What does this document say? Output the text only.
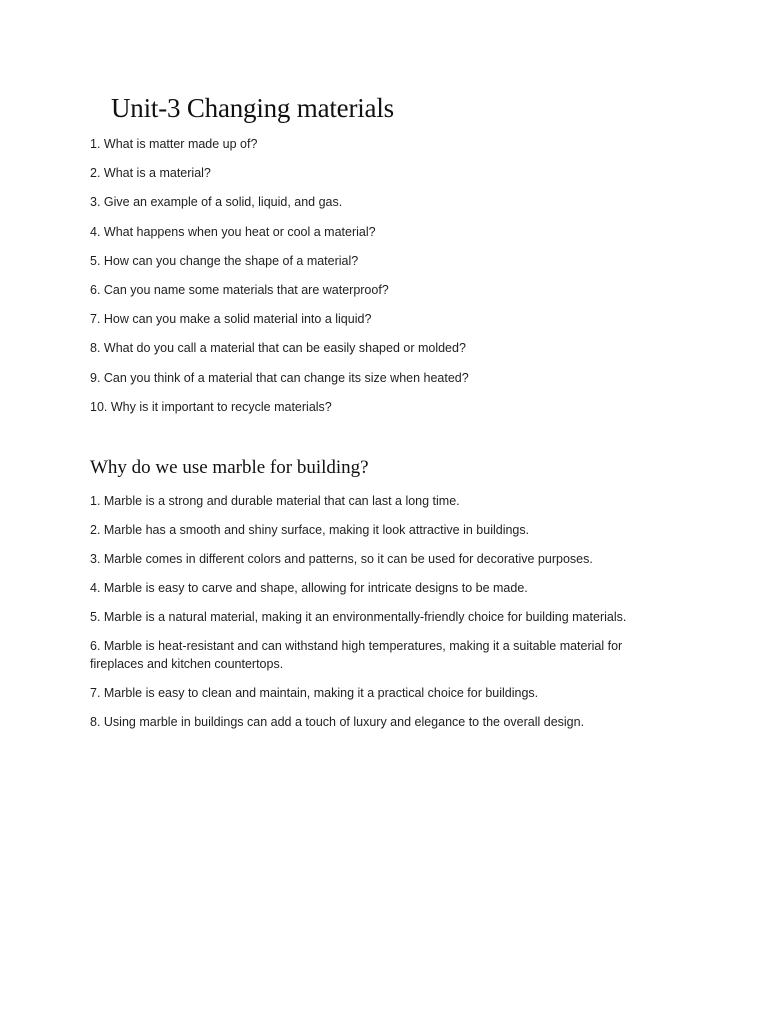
Unit-3 Changing materials
1. What is matter made up of?
2. What is a material?
3. Give an example of a solid, liquid, and gas.
4. What happens when you heat or cool a material?
5. How can you change the shape of a material?
6. Can you name some materials that are waterproof?
7. How can you make a solid material into a liquid?
8. What do you call a material that can be easily shaped or molded?
9. Can you think of a material that can change its size when heated?
10. Why is it important to recycle materials?
Why do we use marble for building?
1. Marble is a strong and durable material that can last a long time.
2. Marble has a smooth and shiny surface, making it look attractive in buildings.
3. Marble comes in different colors and patterns, so it can be used for decorative purposes.
4. Marble is easy to carve and shape, allowing for intricate designs to be made.
5. Marble is a natural material, making it an environmentally-friendly choice for building materials.
6. Marble is heat-resistant and can withstand high temperatures, making it a suitable material for fireplaces and kitchen countertops.
7. Marble is easy to clean and maintain, making it a practical choice for buildings.
8. Using marble in buildings can add a touch of luxury and elegance to the overall design.
